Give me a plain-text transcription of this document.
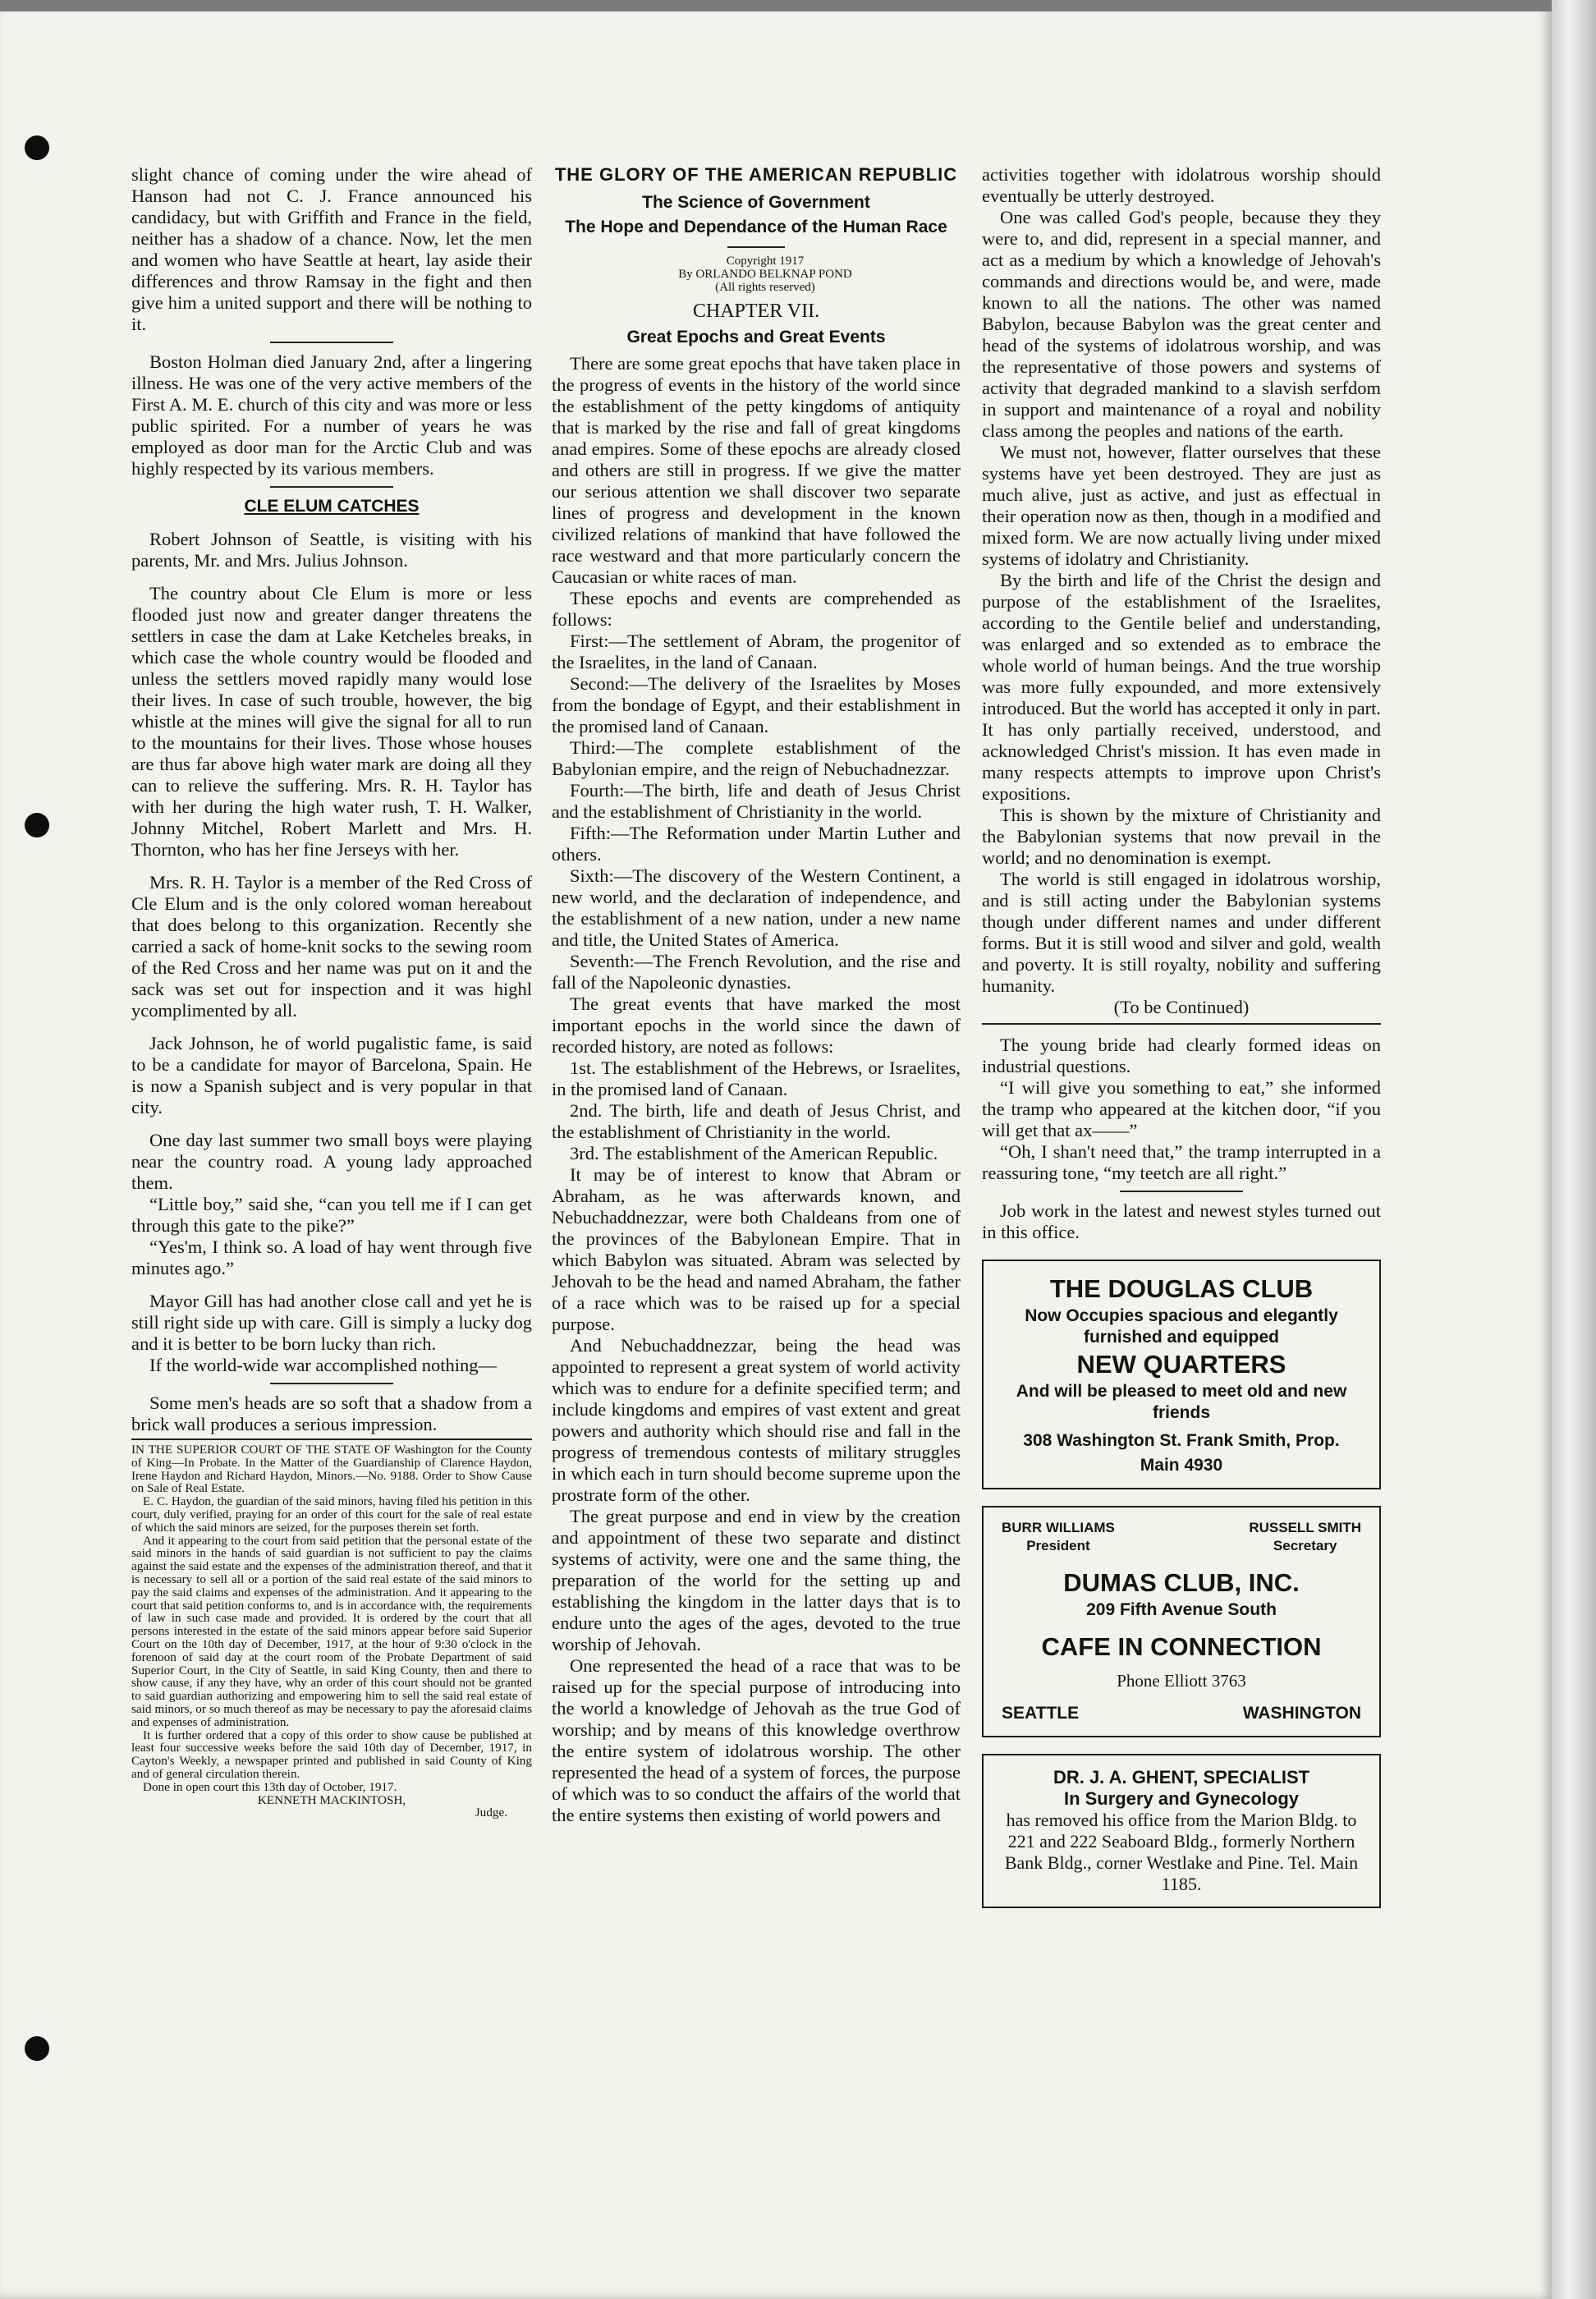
slight chance of coming under the wire ahead of Hanson had not C. J. France announced his candidacy, but with Griffith and France in the field, neither has a shadow of a chance. Now, let the men and women who have Seattle at heart, lay aside their differences and throw Ramsay in the fight and then give him a united support and there will be nothing to it.

Boston Holman died January 2nd, after a lingering illness. He was one of the very active members of the First A. M. E. church of this city and was more or less public spirited. For a number of years he was employed as door man for the Arctic Club and was highly respected by its various members.

CLE ELUM CATCHES

Robert Johnson of Seattle, is visiting with his parents, Mr. and Mrs. Julius Johnson.

The country about Cle Elum is more or less flooded just now and greater danger threatens the settlers in case the dam at Lake Ketcheles breaks, in which case the whole country would be flooded and unless the settlers moved rapidly many would lose their lives. In case of such trouble, however, the big whistle at the mines will give the signal for all to run to the mountains for their lives. Those whose houses are thus far above high water mark are doing all they can to relieve the suffering. Mrs. R. H. Taylor has with her during the high water rush, T. H. Walker, Johnny Mitchel, Robert Marlett and Mrs. H. Thornton, who has her fine Jerseys with her.

Mrs. R. H. Taylor is a member of the Red Cross of Cle Elum and is the only colored woman hereabout that does belong to this organization. Recently she carried a sack of home-knit socks to the sewing room of the Red Cross and her name was put on it and the sack was set out for inspection and it was highl ycomplimented by all.

Jack Johnson, he of world pugalistic fame, is said to be a candidate for mayor of Barcelona, Spain. He is now a Spanish subject and is very popular in that city.

One day last summer two small boys were playing near the country road. A young lady approached them.

“Little boy,” said she, “can you tell me if I can get through this gate to the pike?”

“Yes'm, I think so. A load of hay went through five minutes ago.”

Mayor Gill has had another close call and yet he is still right side up with care. Gill is simply a lucky dog and it is better to be born lucky than rich.

If the world-wide war accomplished nothing—

Some men's heads are so soft that a shadow from a brick wall produces a serious impression.

IN THE SUPERIOR COURT OF THE STATE OF Washington for the County of King—In Probate. In the Matter of the Guardianship of Clarence Haydon, Irene Haydon and Richard Haydon, Minors.—No. 9188. Order to Show Cause on Sale of Real Estate.

E. C. Haydon, the guardian of the said minors, having filed his petition in this court, duly verified, praying for an order of this court for the sale of real estate of which the said minors are seized, for the purposes therein set forth.

And it appearing to the court from said petition that the personal estate of the said minors in the hands of said guardian is not sufficient to pay the claims against the said estate and the expenses of the administration thereof, and that it is necessary to sell all or a portion of the said real estate of the said minors to pay the said claims and expenses of the administration. And it appearing to the court that said petition conforms to, and is in accordance with, the requirements of law in such case made and provided. It is ordered by the court that all persons interested in the estate of the said minors appear before said Superior Court on the 10th day of December, 1917, at the hour of 9:30 o'clock in the forenoon of said day at the court room of the Probate Department of said Superior Court, in the City of Seattle, in said King County, then and there to show cause, if any they have, why an order of this court should not be granted to said guardian authorizing and empowering him to sell the said real estate of said minors, or so much thereof as may be necessary to pay the aforesaid claims and expenses of administration.

It is further ordered that a copy of this order to show cause be published at least four successive weeks before the said 10th day of December, 1917, in Cayton's Weekly, a newspaper printed and published in said County of King and of general circulation therein.

Done in open court this 13th day of October, 1917.

KENNETH MACKINTOSH,

Judge.

THE GLORY OF THE AMERICAN REPUBLIC
The Science of Government
The Hope and Dependance of the Human Race

Copyright 1917

By ORLANDO BELKNAP POND

(All rights reserved)

CHAPTER VII.

Great Epochs and Great Events

There are some great epochs that have taken place in the progress of events in the history of the world since the establishment of the petty kingdoms of antiquity that is marked by the rise and fall of great kingdoms anad empires. Some of these epochs are already closed and others are still in progress. If we give the matter our serious attention we shall discover two separate lines of progress and development in the known civilized relations of mankind that have followed the race westward and that more particularly concern the Caucasian or white races of man.

These epochs and events are comprehended as follows:

First:—The settlement of Abram, the progenitor of the Israelites, in the land of Canaan.

Second:—The delivery of the Israelites by Moses from the bondage of Egypt, and their establishment in the promised land of Canaan.

Third:—The complete establishment of the Babylonian empire, and the reign of Nebuchadnezzar.

Fourth:—The birth, life and death of Jesus Christ and the establishment of Christianity in the world.

Fifth:—The Reformation under Martin Luther and others.

Sixth:—The discovery of the Western Continent, a new world, and the declaration of independence, and the establishment of a new nation, under a new name and title, the United States of America.

Seventh:—The French Revolution, and the rise and fall of the Napoleonic dynasties.

The great events that have marked the most important epochs in the world since the dawn of recorded history, are noted as follows:

1st. The establishment of the Hebrews, or Israelites, in the promised land of Canaan.

2nd. The birth, life and death of Jesus Christ, and the establishment of Christianity in the world.

3rd. The establishment of the American Republic.

It may be of interest to know that Abram or Abraham, as he was afterwards known, and Nebuchaddnezzar, were both Chaldeans from one of the provinces of the Babylonean Empire. That in which Babylon was situated. Abram was selected by Jehovah to be the head and named Abraham, the father of a race which was to be raised up for a special purpose.

And Nebuchaddnezzar, being the head was appointed to represent a great system of world activity which was to endure for a definite specified term; and include kingdoms and empires of vast extent and great powers and authority which should rise and fall in the progress of tremendous contests of military struggles in which each in turn should become supreme upon the prostrate form of the other.

The great purpose and end in view by the creation and appointment of these two separate and distinct systems of activity, were one and the same thing, the preparation of the world for the setting up and establishing the kingdom in the latter days that is to endure unto the ages of the ages, devoted to the true worship of Jehovah.

One represented the head of a race that was to be raised up for the special purpose of introducing into the world a knowledge of Jehovah as the true God of worship; and by means of this knowledge overthrow the entire system of idolatrous worship. The other represented the head of a system of forces, the purpose of which was to so conduct the affairs of the world that the entire systems then existing of world powers and

activities together with idolatrous worship should eventually be utterly destroyed.

One was called God's people, because they they were to, and did, represent in a special manner, and act as a medium by which a knowledge of Jehovah's commands and directions would be, and were, made known to all the nations. The other was named Babylon, because Babylon was the great center and head of the systems of idolatrous worship, and was the representative of those powers and systems of activity that degraded mankind to a slavish serfdom in support and maintenance of a royal and nobility class among the peoples and nations of the earth.

We must not, however, flatter ourselves that these systems have yet been destroyed. They are just as much alive, just as active, and just as effectual in their operation now as then, though in a modified and mixed form. We are now actually living under mixed systems of idolatry and Christianity.

By the birth and life of the Christ the design and purpose of the establishment of the Israelites, according to the Gentile belief and understanding, was enlarged and so extended as to embrace the whole world of human beings. And the true worship was more fully expounded, and more extensively introduced. But the world has accepted it only in part. It has only partially received, understood, and acknowledged Christ's mission. It has even made in many respects attempts to improve upon Christ's expositions.

This is shown by the mixture of Christianity and the Babylonian systems that now prevail in the world; and no denomination is exempt.

The world is still engaged in idolatrous worship, and is still acting under the Babylonian systems though under different names and under different forms. But it is still wood and silver and gold, wealth and poverty. It is still royalty, nobility and suffering humanity.

(To be Continued)

The young bride had clearly formed ideas on industrial questions.

“I will give you something to eat,” she informed the tramp who appeared at the kitchen door, “if you will get that ax——”

“Oh, I shan't need that,” the tramp interrupted in a reassuring tone, “my teetch are all right.”

Job work in the latest and newest styles turned out in this office.

THE DOUGLAS CLUB
Now Occupies spacious and elegantly furnished and equipped
NEW QUARTERS
And will be pleased to meet old and new friends
308 Washington St. Frank Smith, Prop.
Main 4930
BURR WILLIAMS
President
RUSSELL SMITH
Secretary
DUMAS CLUB, INC.
209 Fifth Avenue South
CAFE IN CONNECTION
Phone Elliott 3763
SEATTLE	WASHINGTON
DR. J. A. GHENT, SPECIALIST
In Surgery and Gynecology
has removed his office from the Marion Bldg. to 221 and 222 Seaboard Bldg., formerly Northern Bank Bldg., corner Westlake and Pine. Tel. Main 1185.
